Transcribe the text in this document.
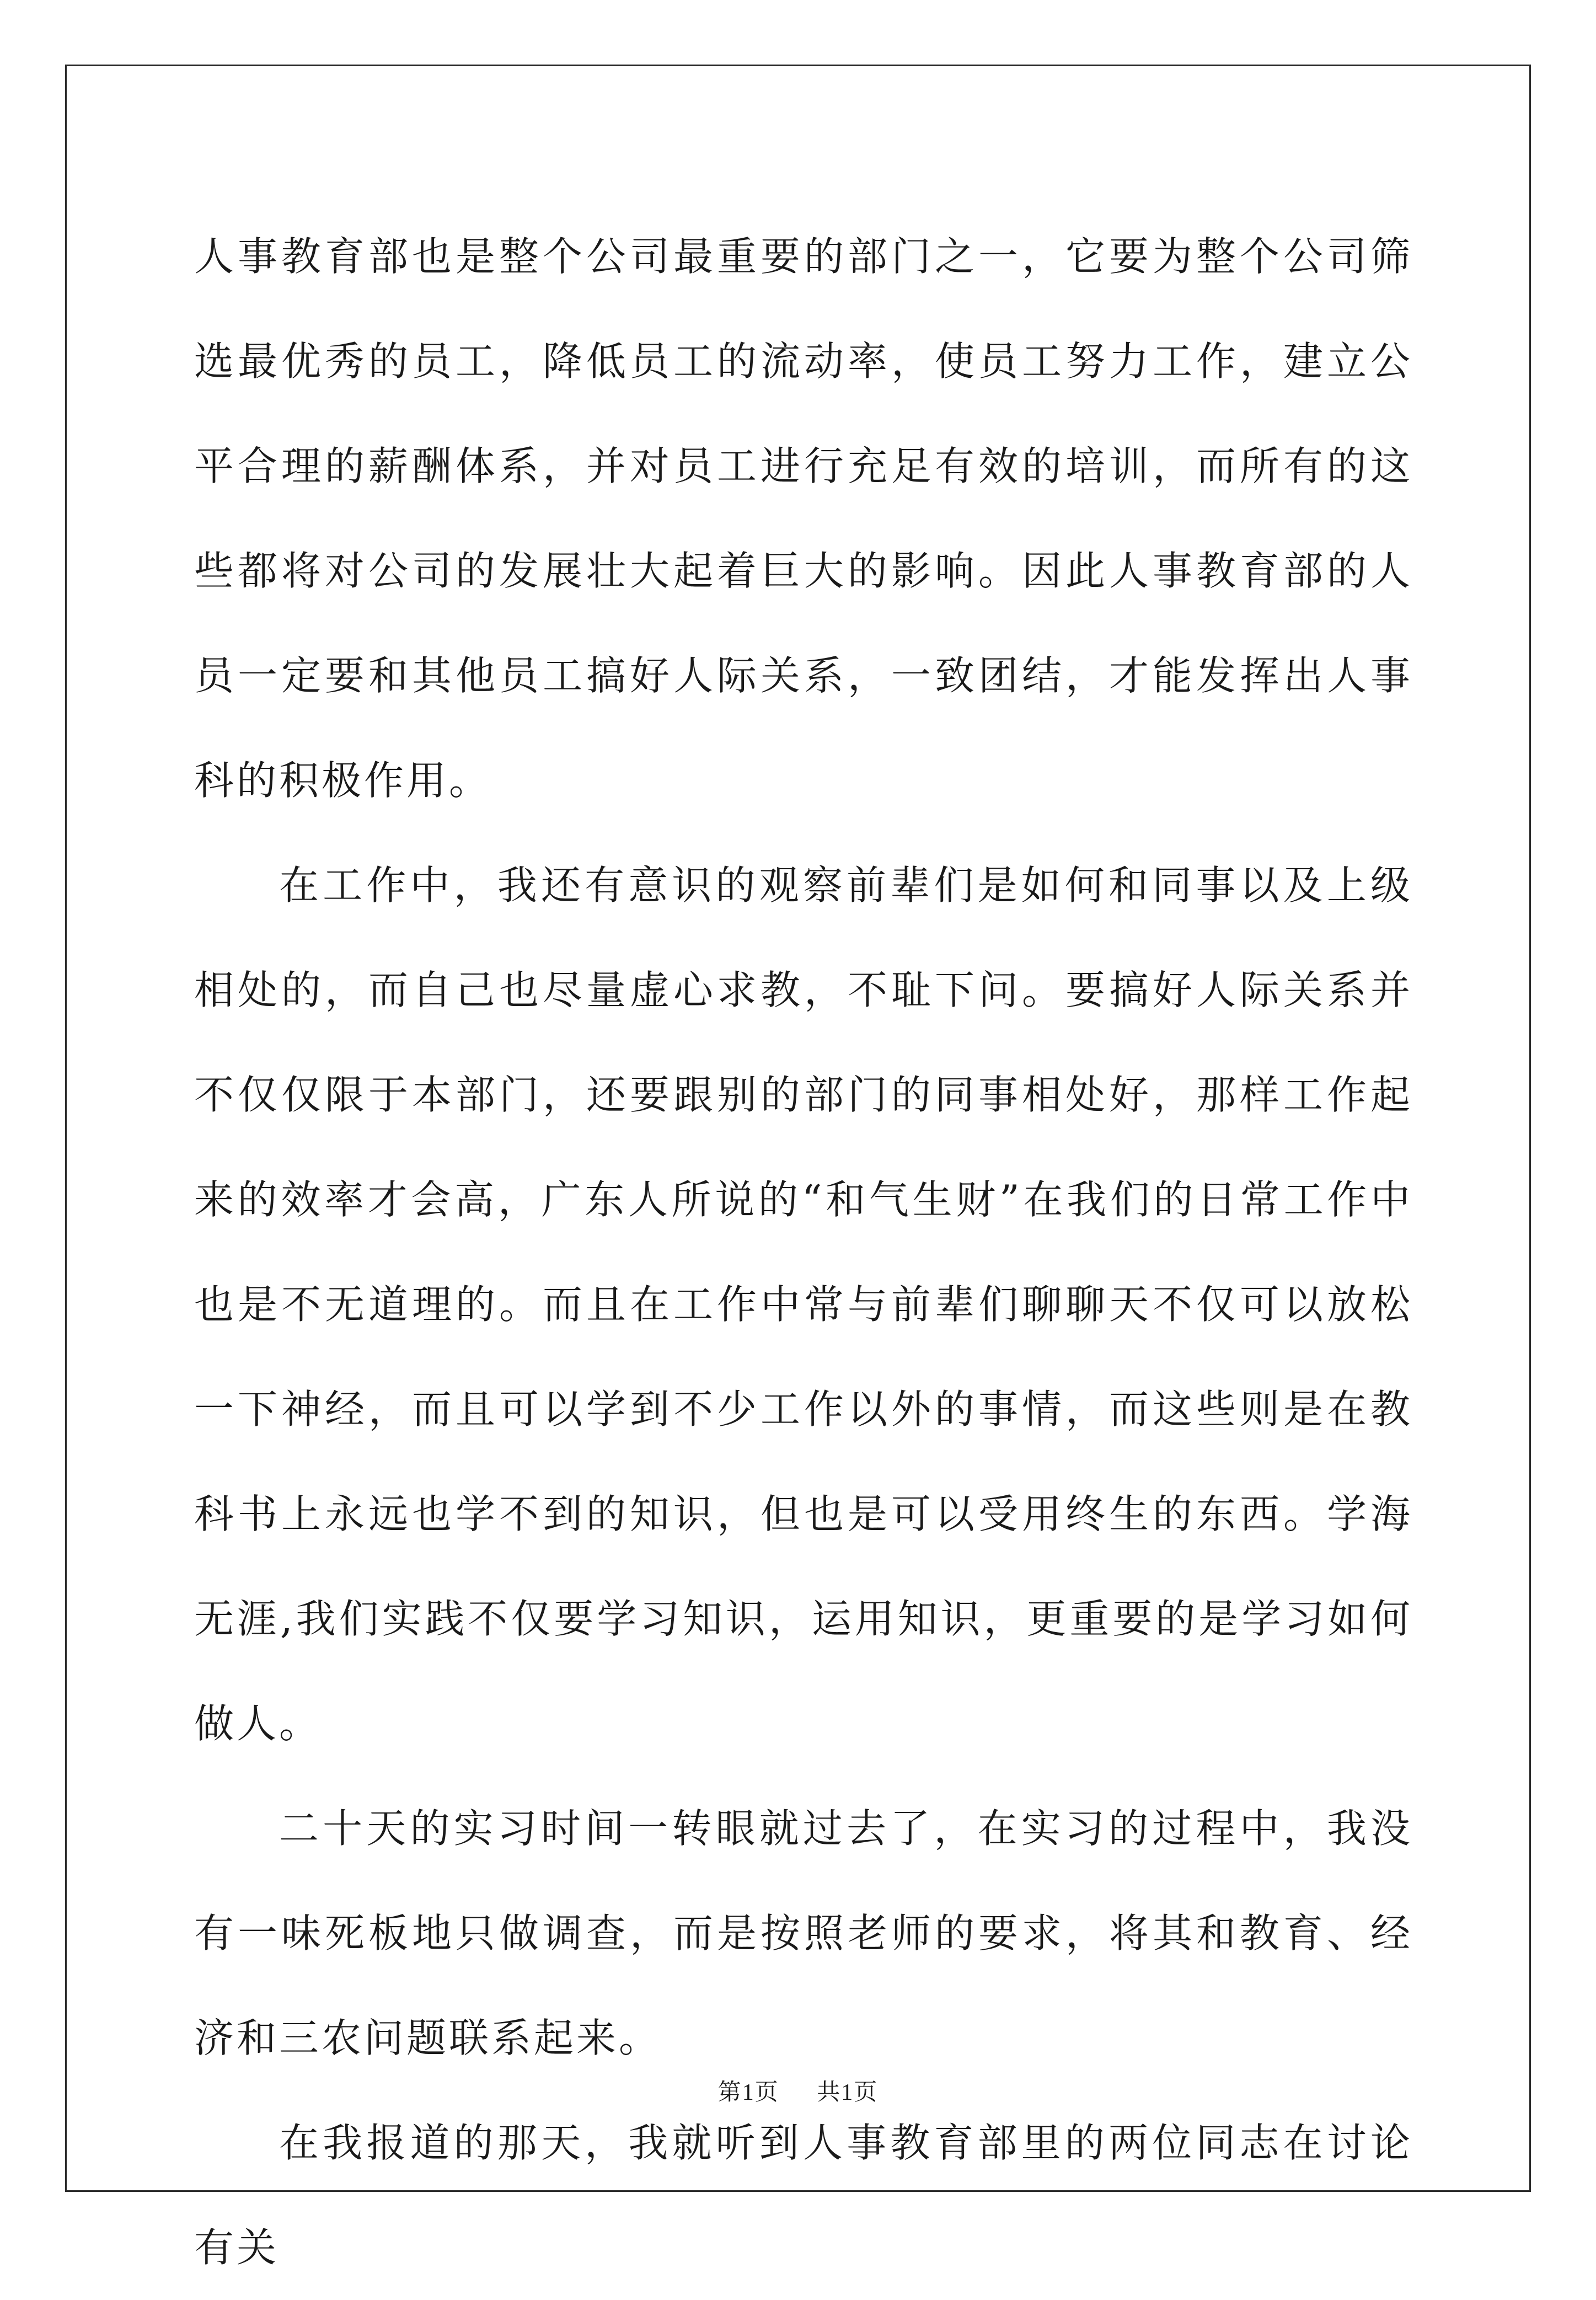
人事教育部也是整个公司最重要的部门之一，它要为整个公司筛选最优秀的员工，降低员工的流动率，使员工努力工作，建立公平合理的薪酬体系，并对员工进行充足有效的培训，而所有的这些都将对公司的发展壮大起着巨大的影响。因此人事教育部的人员一定要和其他员工搞好人际关系，一致团结，才能发挥出人事科的积极作用。

在工作中，我还有意识的观察前辈们是如何和同事以及上级相处的，而自己也尽量虚心求教，不耻下问。要搞好人际关系并不仅仅限于本部门，还要跟别的部门的同事相处好，那样工作起来的效率才会高，广东人所说的“和气生财”在我们的日常工作中也是不无道理的。而且在工作中常与前辈们聊聊天不仅可以放松一下神经，而且可以学到不少工作以外的事情，而这些则是在教科书上永远也学不到的知识，但也是可以受用终生的东西。学海无涯,我们实践不仅要学习知识，运用知识，更重要的是学习如何做人。

二十天的实习时间一转眼就过去了，在实习的过程中，我没有一味死板地只做调查，而是按照老师的要求，将其和教育、经济和三农问题联系起来。

在我报道的那天，我就听到人事教育部里的两位同志在讨论有关

第1页 共1页
